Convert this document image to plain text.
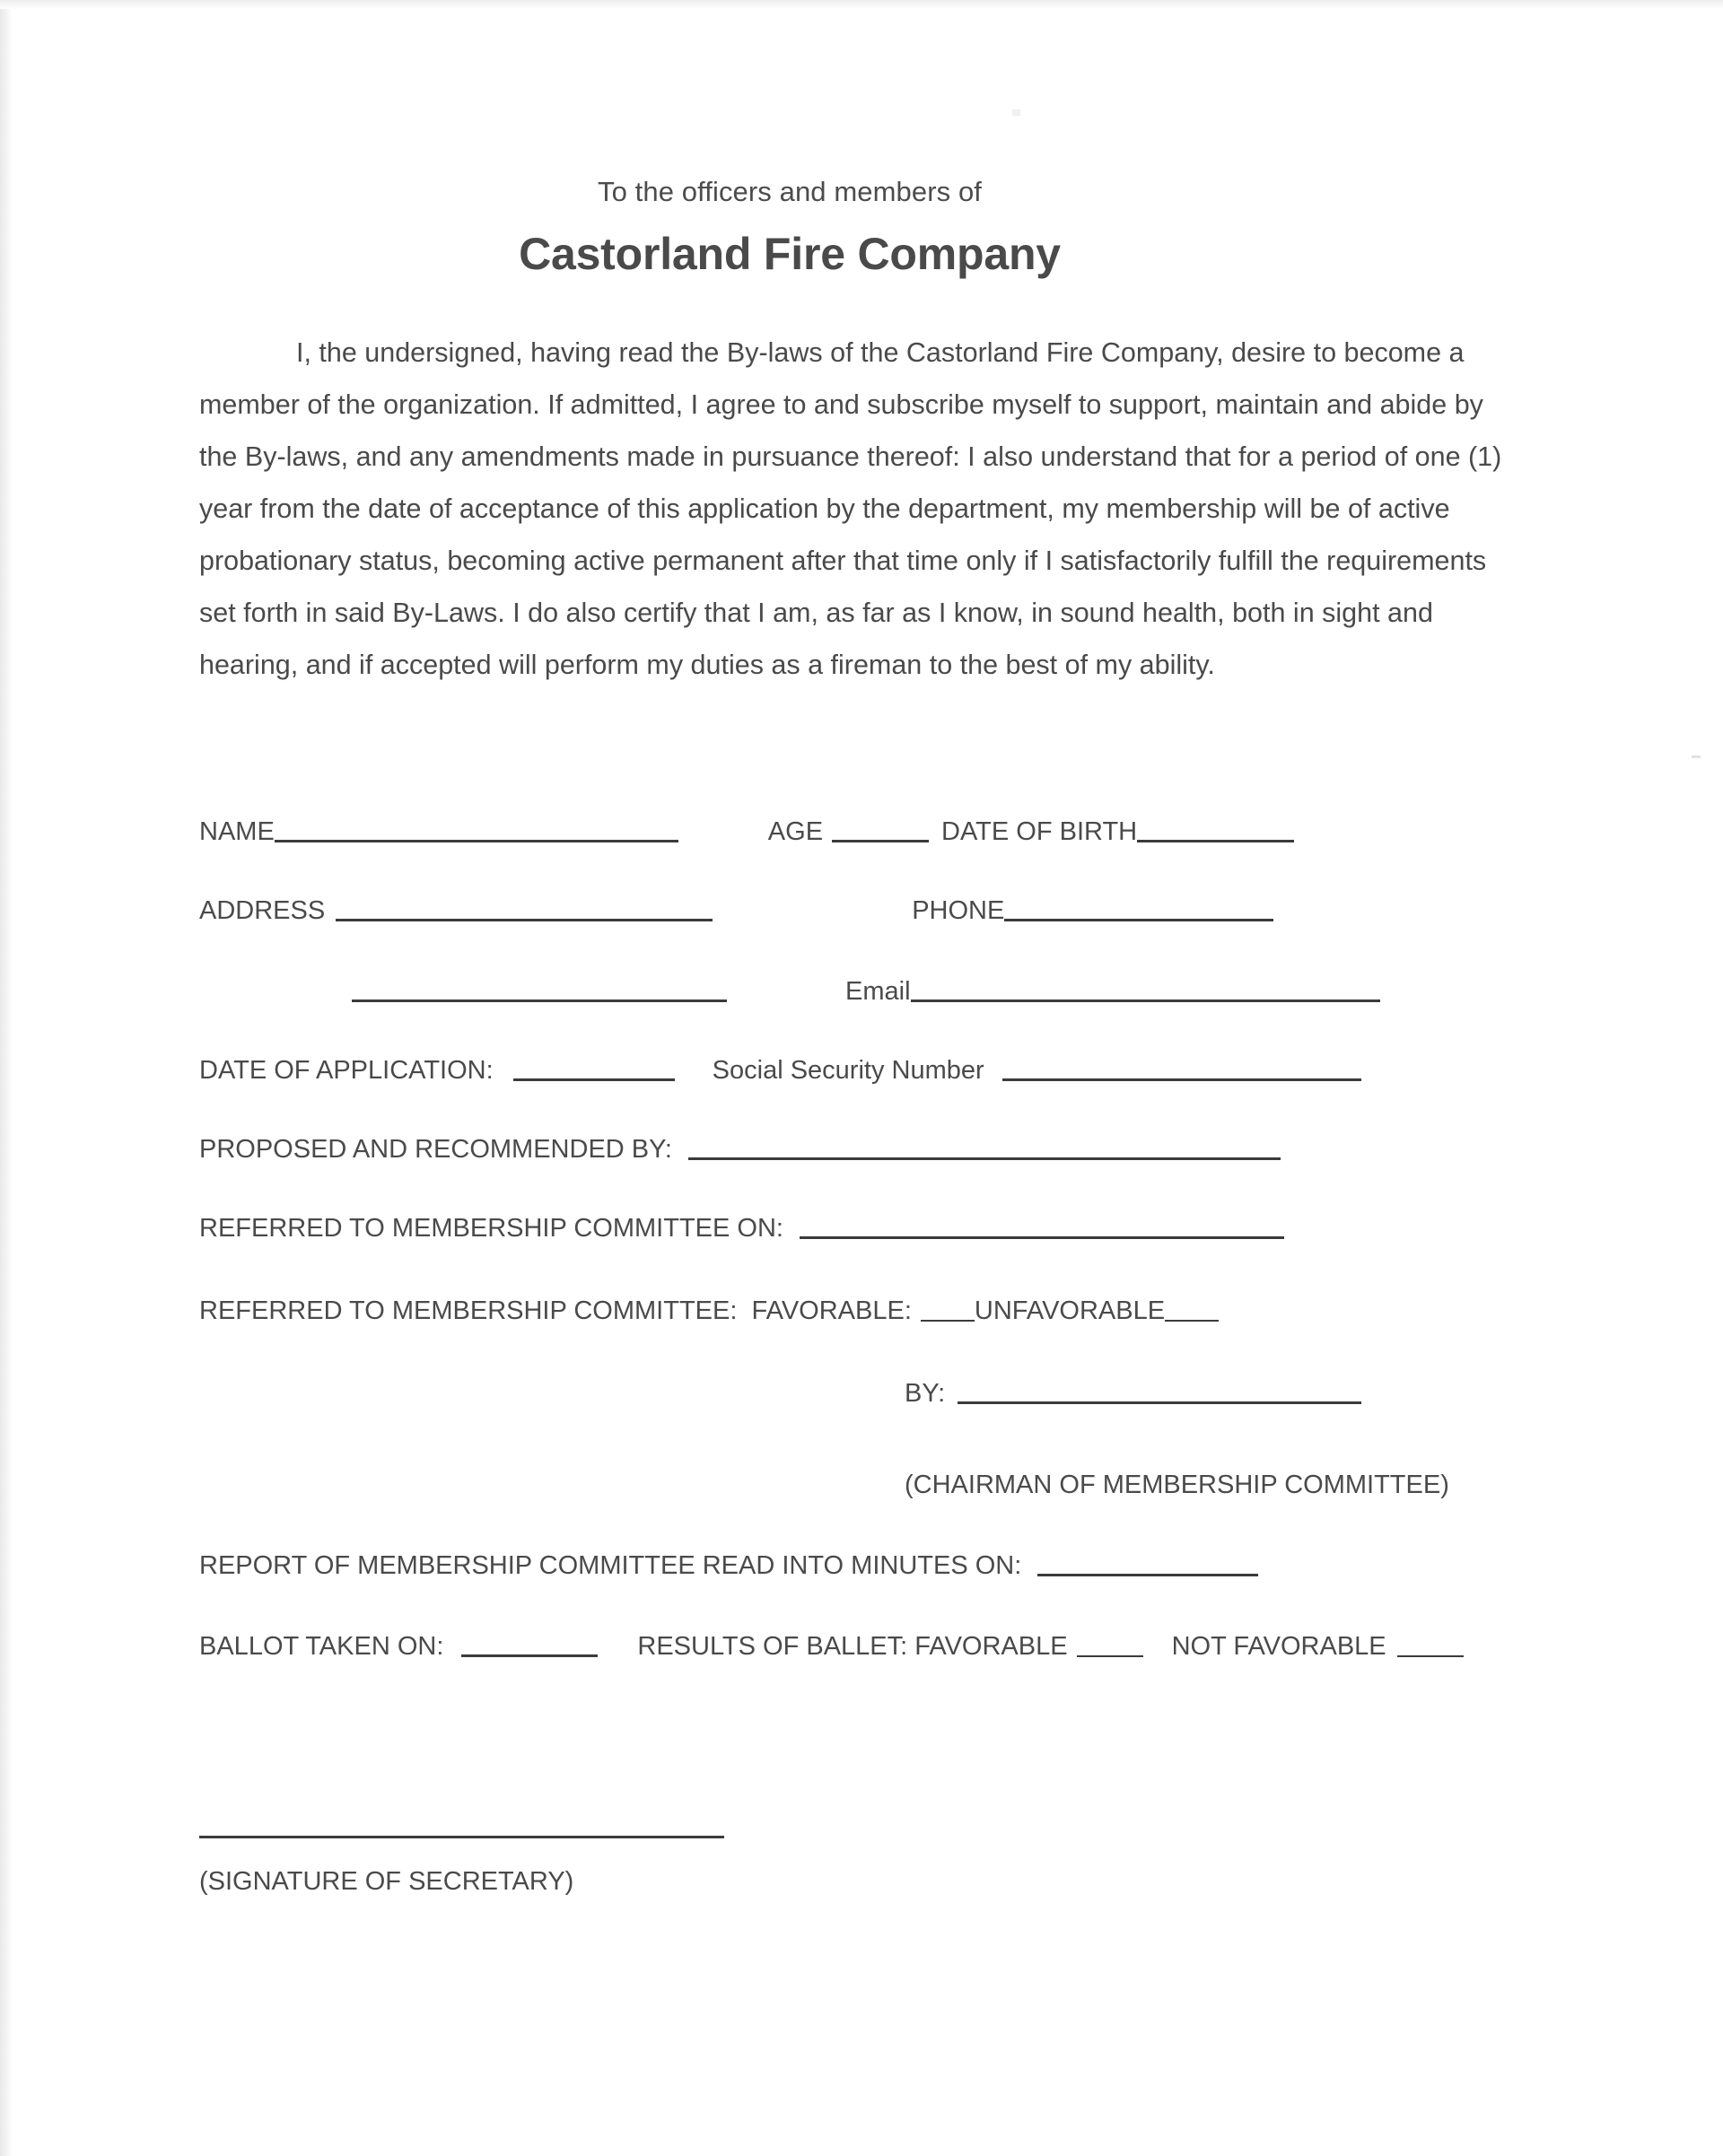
To the officers and members of
Castorland Fire Company

I, the undersigned, having read the By-laws of the Castorland Fire Company, desire to become a member of the organization. If admitted, I agree to and subscribe myself to support, maintain and abide by the By-laws, and any amendments made in pursuance thereof: I also understand that for a period of one (1) year from the date of acceptance of this application by the department, my membership will be of active probationary status, becoming active permanent after that time only if I satisfactorily fulfill the requirements set forth in said By-Laws. I do also certify that I am, as far as I know, in sound health, both in sight and hearing, and if accepted will perform my duties as a fireman to the best of my ability.

NAME	AGE	DATE OF BIRTH
ADDRESS	PHONE
Email
DATE OF APPLICATION:	Social Security Number
PROPOSED AND RECOMMENDED BY:
REFERRED TO MEMBERSHIP COMMITTEE ON:
REFERRED TO MEMBERSHIP COMMITTEE:  FAVORABLE: UNFAVORABLE
BY:
(CHAIRMAN OF MEMBERSHIP COMMITTEE)
REPORT OF MEMBERSHIP COMMITTEE READ INTO MINUTES ON:
BALLOT TAKEN ON:	RESULTS OF BALLET: FAVORABLE	NOT FAVORABLE
(SIGNATURE OF SECRETARY)
